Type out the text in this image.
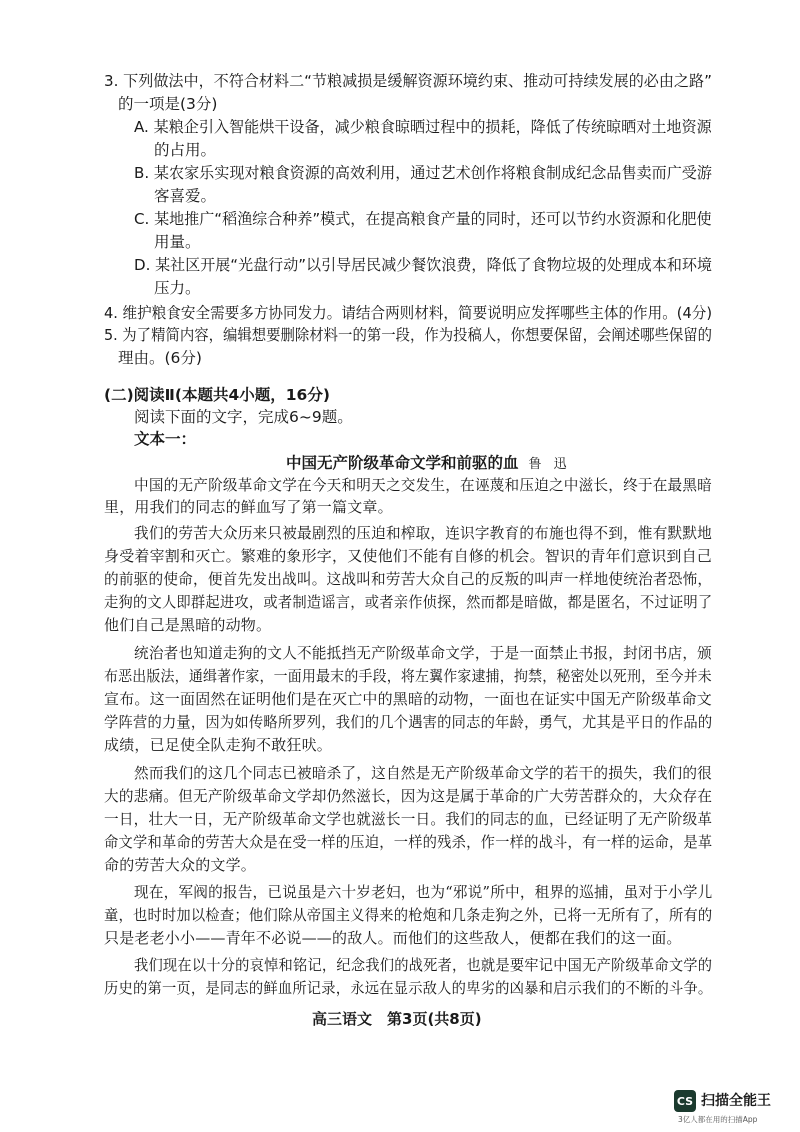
3. 下列做法中，不符合材料二“节粮减损是缓解资源环境约束、推动可持续发展的必由之路”
的一项是(3分)
A. 某粮企引入智能烘干设备，减少粮食晾晒过程中的损耗，降低了传统晾晒对土地资源
的占用。
B. 某农家乐实现对粮食资源的高效利用，通过艺术创作将粮食制成纪念品售卖而广受游
客喜爱。
C. 某地推广“稻渔综合种养”模式，在提高粮食产量的同时，还可以节约水资源和化肥使
用量。
D. 某社区开展“光盘行动”以引导居民减少餐饮浪费，降低了食物垃圾的处理成本和环境
压力。
4. 维护粮食安全需要多方协同发力。请结合两则材料，简要说明应发挥哪些主体的作用。(4分)
5. 为了精简内容，编辑想要删除材料一的第一段，作为投稿人，你想要保留，会阐述哪些保留的
理由。(6分)
(二)阅读Ⅱ(本题共4小题，16分)
阅读下面的文字，完成6~9题。
文本一：
中国无产阶级革命文学和前驱的血 鲁 迅
中国的无产阶级革命文学在今天和明天之交发生，在诬蔑和压迫之中滋长，终于在最黑暗
里，用我们的同志的鲜血写了第一篇文章。
我们的劳苦大众历来只被最剧烈的压迫和榨取，连识字教育的布施也得不到，惟有默默地
身受着宰割和灭亡。繁难的象形字，又使他们不能有自修的机会。智识的青年们意识到自己
的前驱的使命，便首先发出战叫。这战叫和劳苦大众自己的反叛的叫声一样地使统治者恐怖，
走狗的文人即群起进攻，或者制造谣言，或者亲作侦探，然而都是暗做，都是匿名，不过证明了
他们自己是黑暗的动物。
统治者也知道走狗的文人不能抵挡无产阶级革命文学，于是一面禁止书报，封闭书店，颁
布恶出版法，通缉著作家，一面用最末的手段，将左翼作家逮捕，拘禁，秘密处以死刑，至今并未
宣布。这一面固然在证明他们是在灭亡中的黑暗的动物，一面也在证实中国无产阶级革命文
学阵营的力量，因为如传略所罗列，我们的几个遇害的同志的年龄，勇气，尤其是平日的作品的
成绩，已足使全队走狗不敢狂吠。
然而我们的这几个同志已被暗杀了，这自然是无产阶级革命文学的若干的损失，我们的很
大的悲痛。但无产阶级革命文学却仍然滋长，因为这是属于革命的广大劳苦群众的，大众存在
一日，壮大一日，无产阶级革命文学也就滋长一日。我们的同志的血，已经证明了无产阶级革
命文学和革命的劳苦大众是在受一样的压迫，一样的残杀，作一样的战斗，有一样的运命，是革
命的劳苦大众的文学。
现在，军阀的报告，已说虽是六十岁老妇，也为“邪说”所中，租界的巡捕，虽对于小学儿
童，也时时加以检查；他们除从帝国主义得来的枪炮和几条走狗之外，已将一无所有了，所有的
只是老老小小——青年不必说——的敌人。而他们的这些敌人，便都在我们的这一面。
我们现在以十分的哀悼和铭记，纪念我们的战死者，也就是要牢记中国无产阶级革命文学的
历史的第一页，是同志的鲜血所记录，永远在显示敌人的卑劣的凶暴和启示我们的不断的斗争。
高三语文　第3页(共8页)
CS 扫描全能王
3亿人都在用的扫描App
